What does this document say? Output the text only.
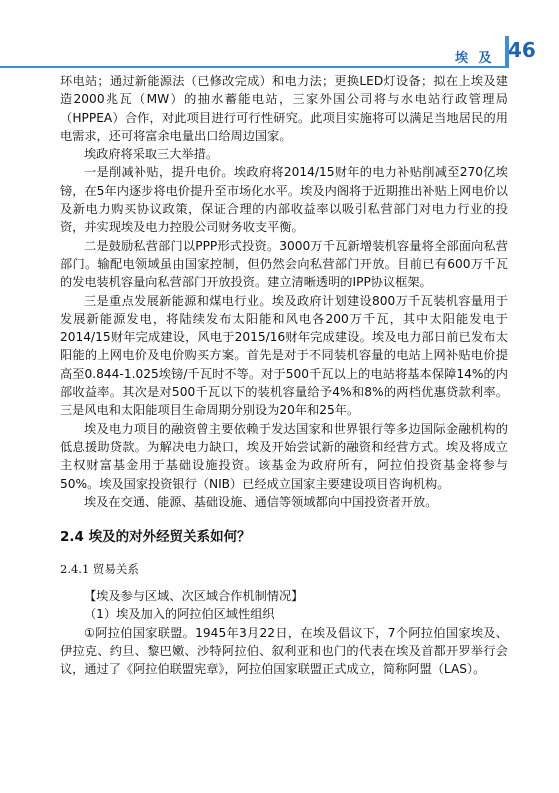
埃 及 46

环电站；通过新能源法（已修改完成）和电力法；更换LED灯设备；拟在上埃及建造2000兆瓦（MW）的抽水蓄能电站，三家外国公司将与水电站行政管理局（HPPEA）合作，对此项目进行可行性研究。此项目实施将可以满足当地居民的用电需求，还可将富余电量出口给周边国家。

埃政府将采取三大举措。

一是削减补贴，提升电价。埃政府将2014/15财年的电力补贴削减至270亿埃镑，在5年内逐步将电价提升至市场化水平。埃及内阁将于近期推出补贴上网电价以及新电力购买协议政策，保证合理的内部收益率以吸引私营部门对电力行业的投资，并实现埃及电力控股公司财务收支平衡。

二是鼓励私营部门以PPP形式投资。3000万千瓦新增装机容量将全部面向私营部门。输配电领域虽由国家控制，但仍然会向私营部门开放。目前已有600万千瓦的发电装机容量向私营部门开放投资。建立清晰透明的IPP协议框架。

三是重点发展新能源和煤电行业。埃及政府计划建设800万千瓦装机容量用于发展新能源发电，将陆续发布太阳能和风电各200万千瓦，其中太阳能发电于2014/15财年完成建设，风电于2015/16财年完成建设。埃及电力部日前已发布太阳能的上网电价及电价购买方案。首先是对于不同装机容量的电站上网补贴电价提高至0.844-1.025埃镑/千瓦时不等。对于500千瓦以上的电站将基本保障14%的内部收益率。其次是对500千瓦以下的装机容量给予4%和8%的两档优惠贷款利率。三是风电和太阳能项目生命周期分别设为20年和25年。

埃及电力项目的融资曾主要依赖于发达国家和世界银行等多边国际金融机构的低息援助贷款。为解决电力缺口，埃及开始尝试新的融资和经营方式。埃及将成立主权财富基金用于基础设施投资。该基金为政府所有，阿拉伯投资基金将参与50%。埃及国家投资银行（NIB）已经成立国家主要建设项目咨询机构。

埃及在交通、能源、基础设施、通信等领域都向中国投资者开放。

2.4 埃及的对外经贸关系如何？
2.4.1 贸易关系

【埃及参与区域、次区域合作机制情况】

（1）埃及加入的阿拉伯区域性组织

①阿拉伯国家联盟。1945年3月22日，在埃及倡议下，7个阿拉伯国家埃及、伊拉克、约旦、黎巴嫩、沙特阿拉伯、叙利亚和也门的代表在埃及首都开罗举行会议，通过了《阿拉伯联盟宪章》，阿拉伯国家联盟正式成立，简称阿盟（LAS）。
